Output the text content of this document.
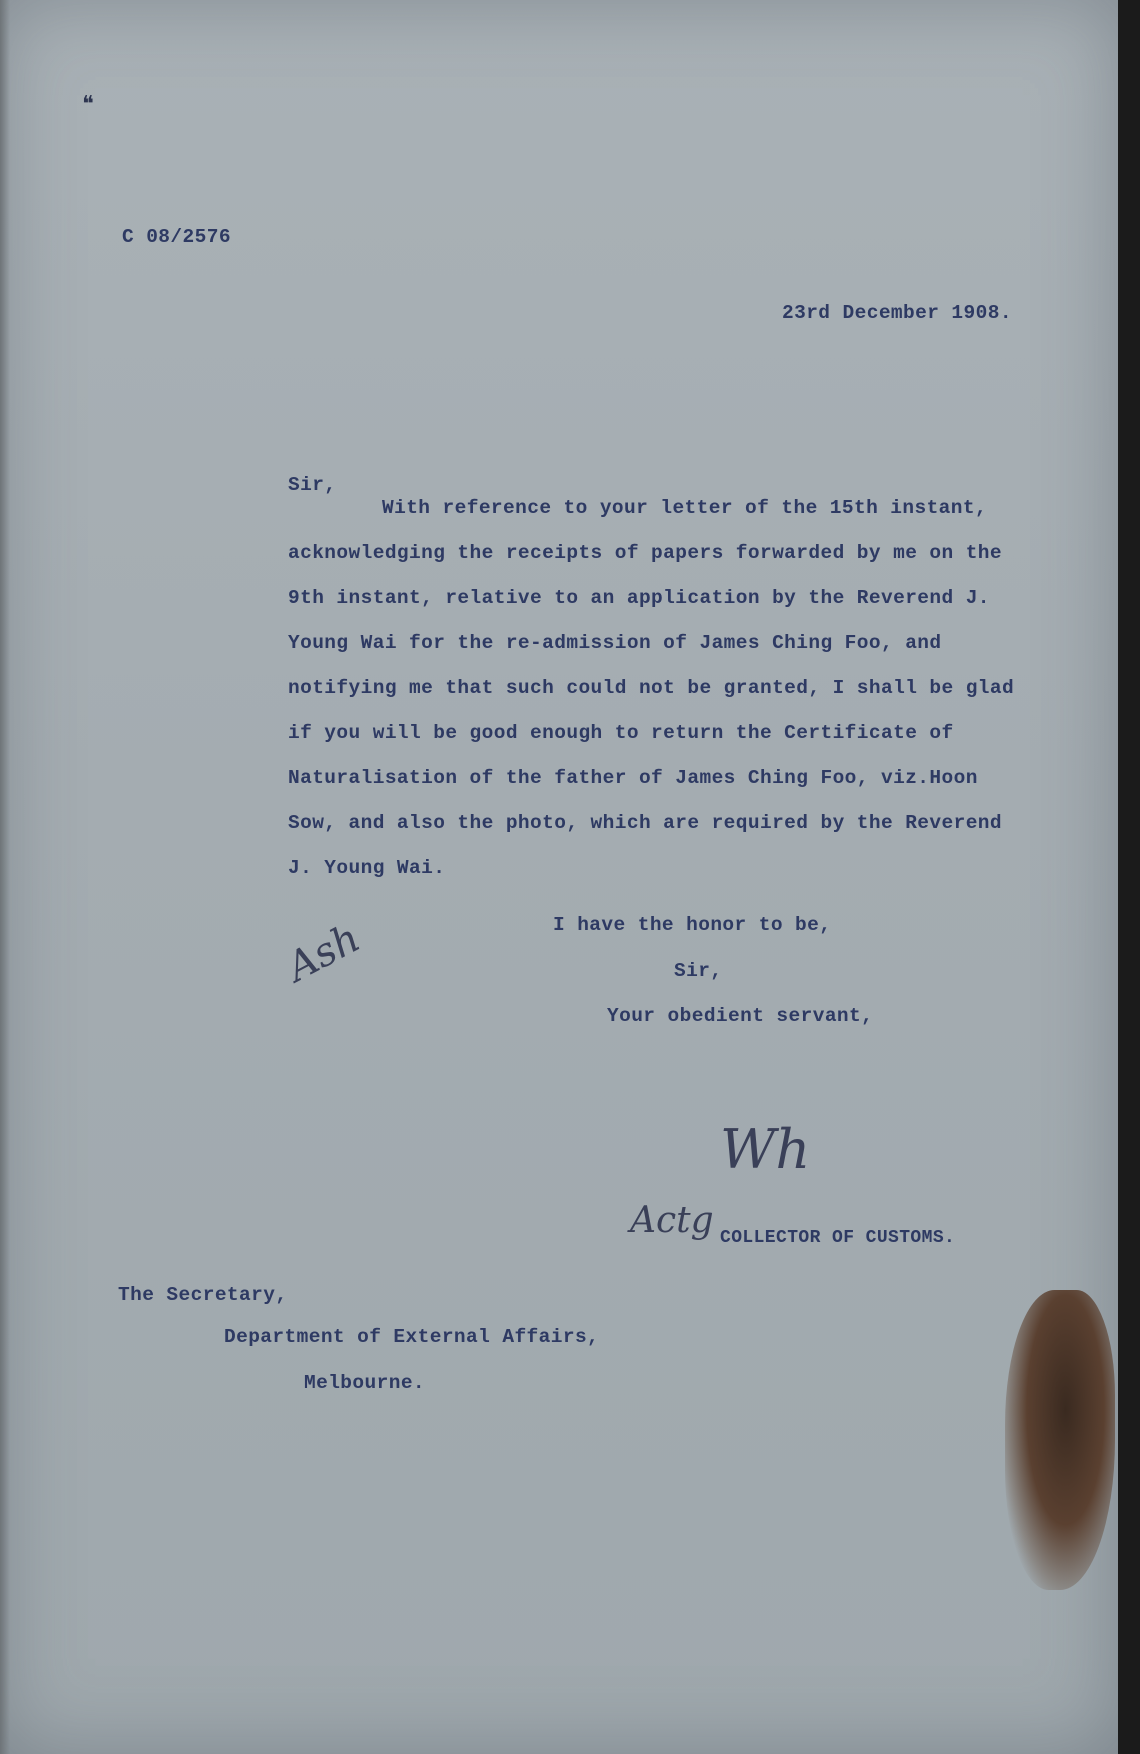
❝
C 08/2576
23rd December 1908.
Sir,
With reference to your letter of the 15th instant,
acknowledging the receipts of papers forwarded by me on the
9th instant, relative to an application by the Reverend J.
Young Wai for the re-admission of James Ching Foo, and
notifying me that such could not be granted, I shall be glad
if you will be good enough to return the Certificate of
Naturalisation of the father of James Ching Foo, viz.Hoon
Sow, and also the photo, which are required by the Reverend
J. Young Wai.
I have the honor to be,
Sir,
Your obedient servant,
Ash
Wh
Actg COLLECTOR OF CUSTOMS.
The Secretary,
Department of External Affairs,
Melbourne.
